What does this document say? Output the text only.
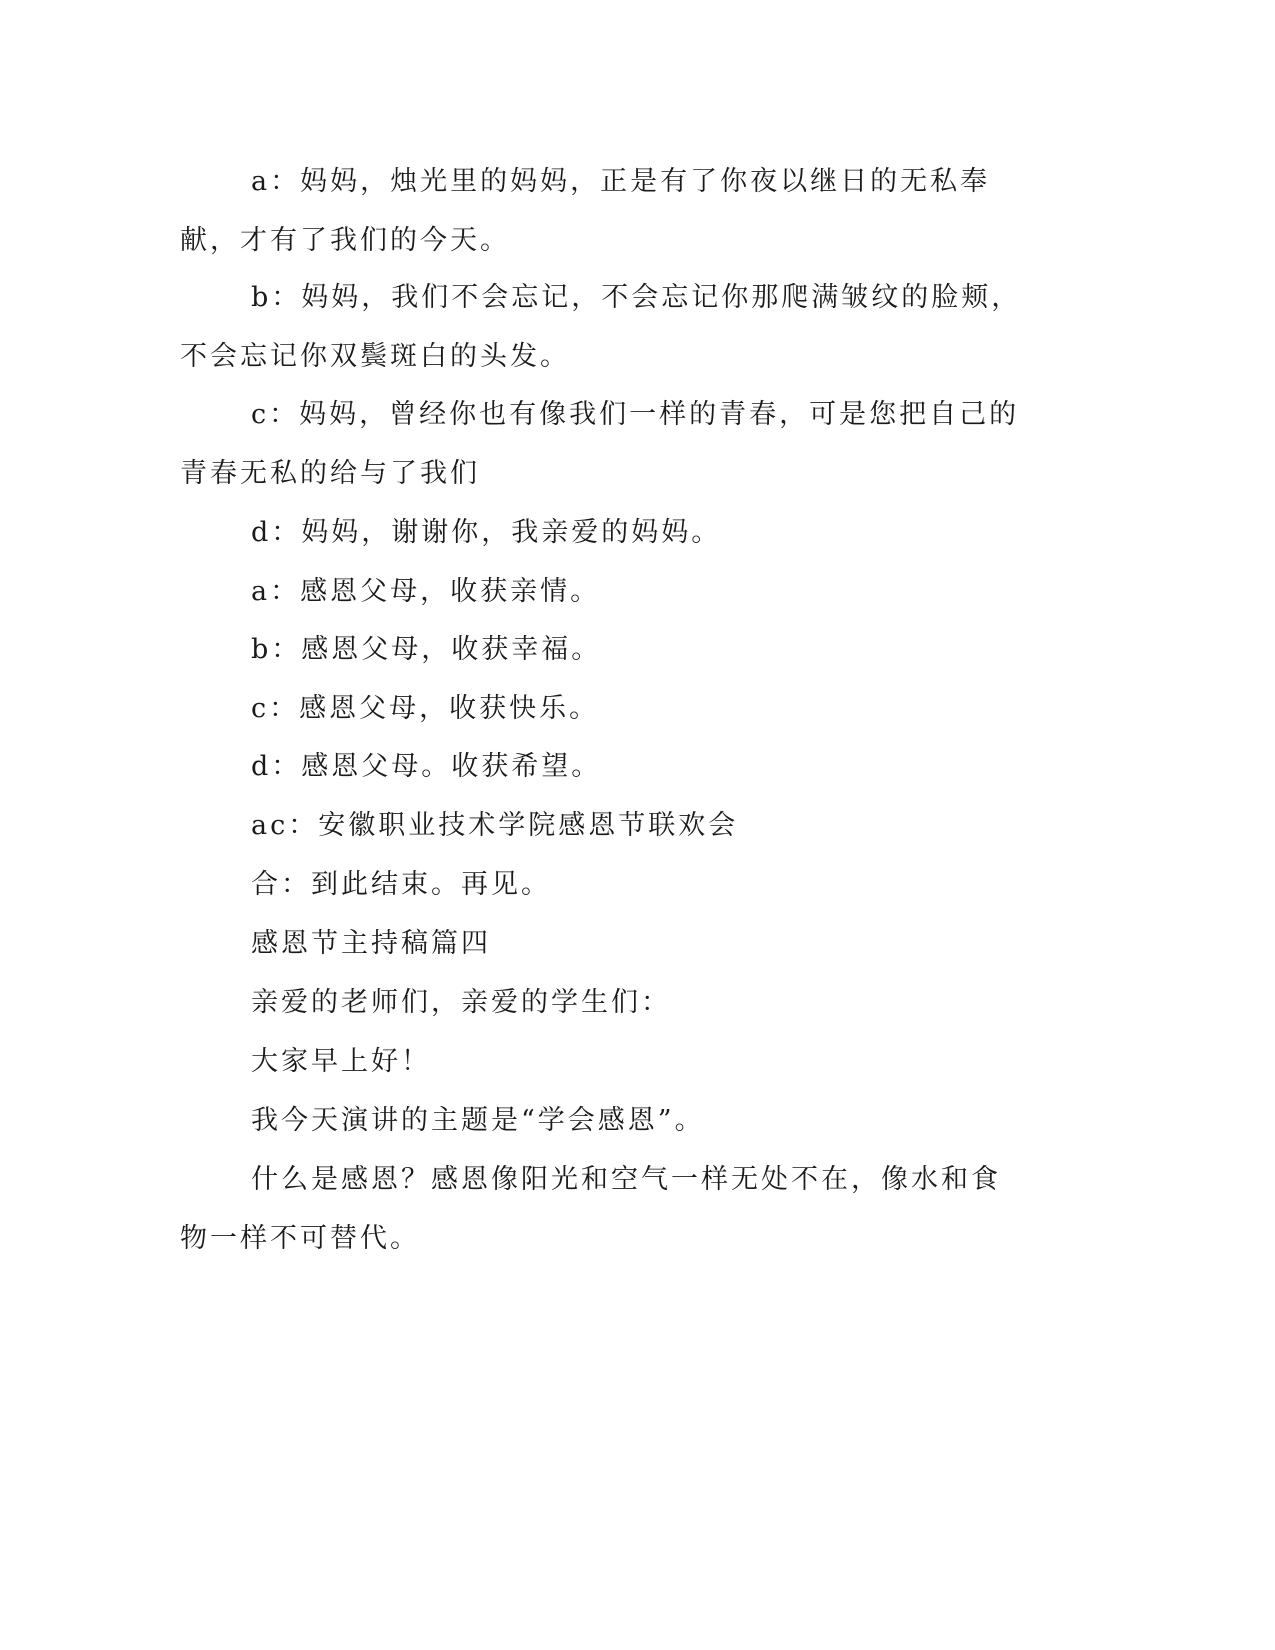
a：妈妈，烛光里的妈妈，正是有了你夜以继日的无私奉献，才有了我们的今天。

b：妈妈，我们不会忘记，不会忘记你那爬满皱纹的脸颊，不会忘记你双鬓斑白的头发。

c：妈妈，曾经你也有像我们一样的青春，可是您把自己的青春无私的给与了我们

d：妈妈，谢谢你，我亲爱的妈妈。

a：感恩父母，收获亲情。

b：感恩父母，收获幸福。

c：感恩父母，收获快乐。

d：感恩父母。收获希望。

ac：安徽职业技术学院感恩节联欢会

合：到此结束。再见。

感恩节主持稿篇四

亲爱的老师们，亲爱的学生们：

大家早上好！

我今天演讲的主题是“学会感恩”。

什么是感恩？感恩像阳光和空气一样无处不在，像水和食物一样不可替代。
